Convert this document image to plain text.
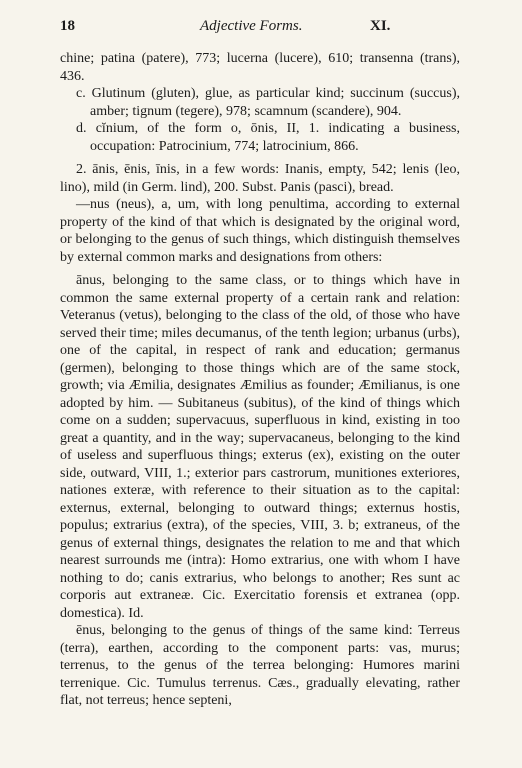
18	Adjective Forms.	XI.

chine; patina (patere), 773; lucerna (lucere), 610; transenna (trans), 436.

c. Glutinum (gluten), glue, as particular kind; succinum (succus), amber; tignum (tegere), 978; scamnum (scandere), 904.

d. cĭnium, of the form o, ōnis, II, 1. indicating a business, occupation: Patrocinium, 774; latrocinium, 866.

2. ānis, ēnis, īnis, in a few words: Inanis, empty, 542; lenis (leo, lino), mild (in Germ. lind), 200. Subst. Panis (pasci), bread.

—nus (neus), a, um, with long penultima, according to external property of the kind of that which is designated by the original word, or belonging to the genus of such things, which distinguish themselves by external common marks and designations from others:

ānus, belonging to the same class, or to things which have in common the same external property of a certain rank and relation: Veteranus (vetus), belonging to the class of the old, of those who have served their time; miles decumanus, of the tenth legion; urbanus (urbs), one of the capital, in respect of rank and education; germanus (germen), belonging to those things which are of the same stock, growth; via Æmilia, designates Æmilius as founder; Æmilianus, is one adopted by him. — Subitaneus (subitus), of the kind of things which come on a sudden; supervacuus, superfluous in kind, existing in too great a quantity, and in the way; supervacaneus, belonging to the kind of useless and superfluous things; exterus (ex), existing on the outer side, outward, VIII, 1.; exterior pars castrorum, munitiones exteriores, nationes exteræ, with reference to their situation as to the capital: externus, external, belonging to outward things; externus hostis, populus; extrarius (extra), of the species, VIII, 3. b; extraneus, of the genus of external things, designates the relation to me and that which nearest surrounds me (intra): Homo extrarius, one with whom I have nothing to do; canis extrarius, who belongs to another; Res sunt ac corporis aut extraneæ. Cic. Exercitatio forensis et extranea (opp. domestica). Id.

ēnus, belonging to the genus of things of the same kind: Terreus (terra), earthen, according to the component parts: vas, murus; terrenus, to the genus of the terrea belonging: Humores marini terrenique. Cic. Tumulus terrenus. Cæs., gradually elevating, rather flat, not terreus; hence septeni,
